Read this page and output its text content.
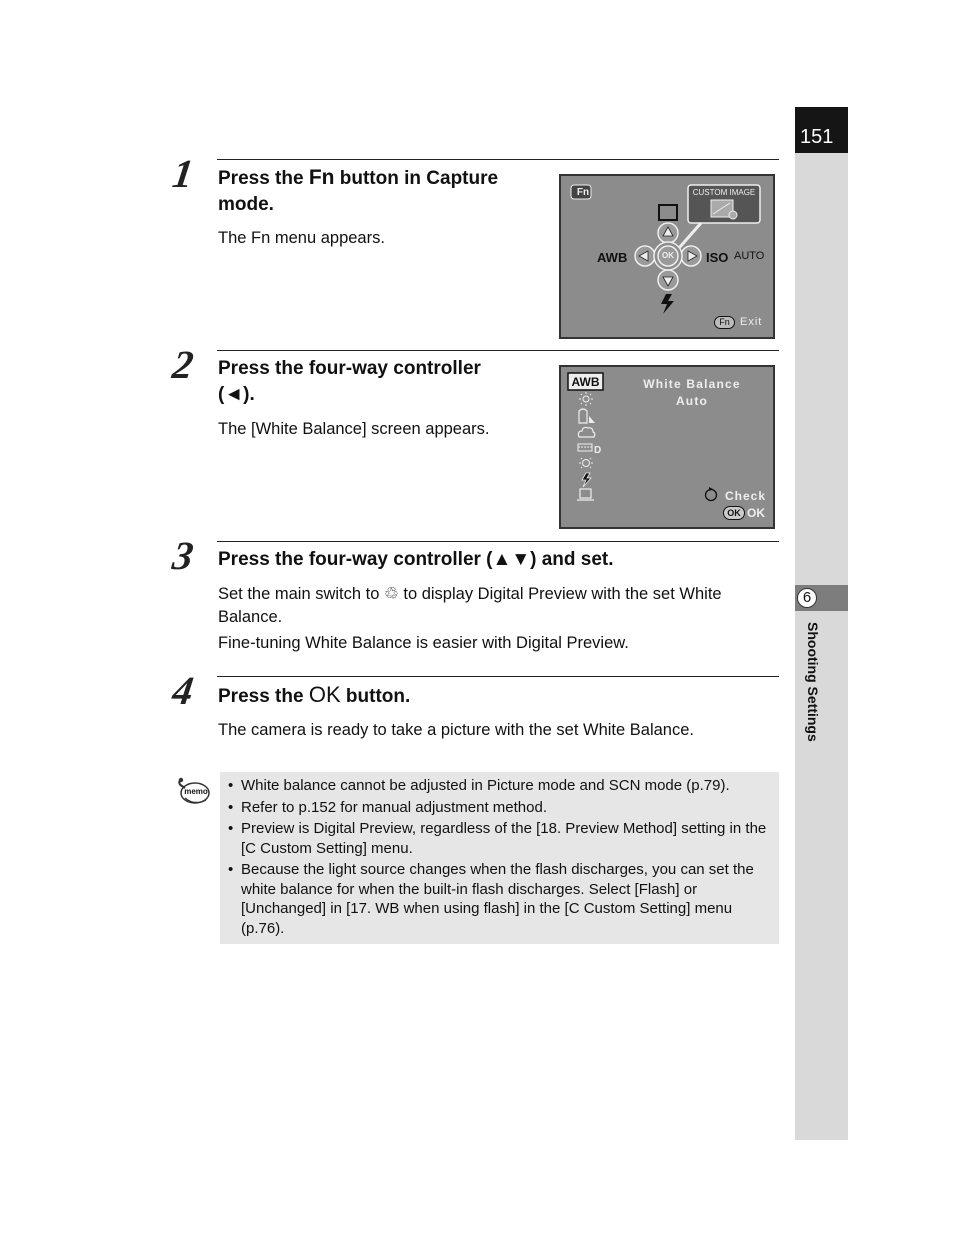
151
6
Shooting Settings
1 Press the Fn button in Capture
mode.
The Fn menu appears.
Fn	CUSTOM IMAGE
AWB	OK	ISO AUTO
Fn Exit
2 Press the four-way controller
(◄).
The [White Balance] screen appears.
AWB
D
White Balance
Auto
Check
OK OK
3 Press the four-way controller (▲▼) and set.
Set the main switch to ♲ to display Digital Preview with the set White
Balance.
Fine-tuning White Balance is easier with Digital Preview.
4 Press the OK button.
The camera is ready to take a picture with the set White Balance.
memo • White balance cannot be adjusted in Picture mode and SCN mode (p.79).
• Refer to p.152 for manual adjustment method.
• Preview is Digital Preview, regardless of the [18. Preview Method] setting in the [C Custom Setting] menu.
• Because the light source changes when the flash discharges, you can set the white balance for when the built-in flash discharges. Select [Flash] or [Unchanged] in [17. WB when using flash] in the [C Custom Setting] menu (p.76).
